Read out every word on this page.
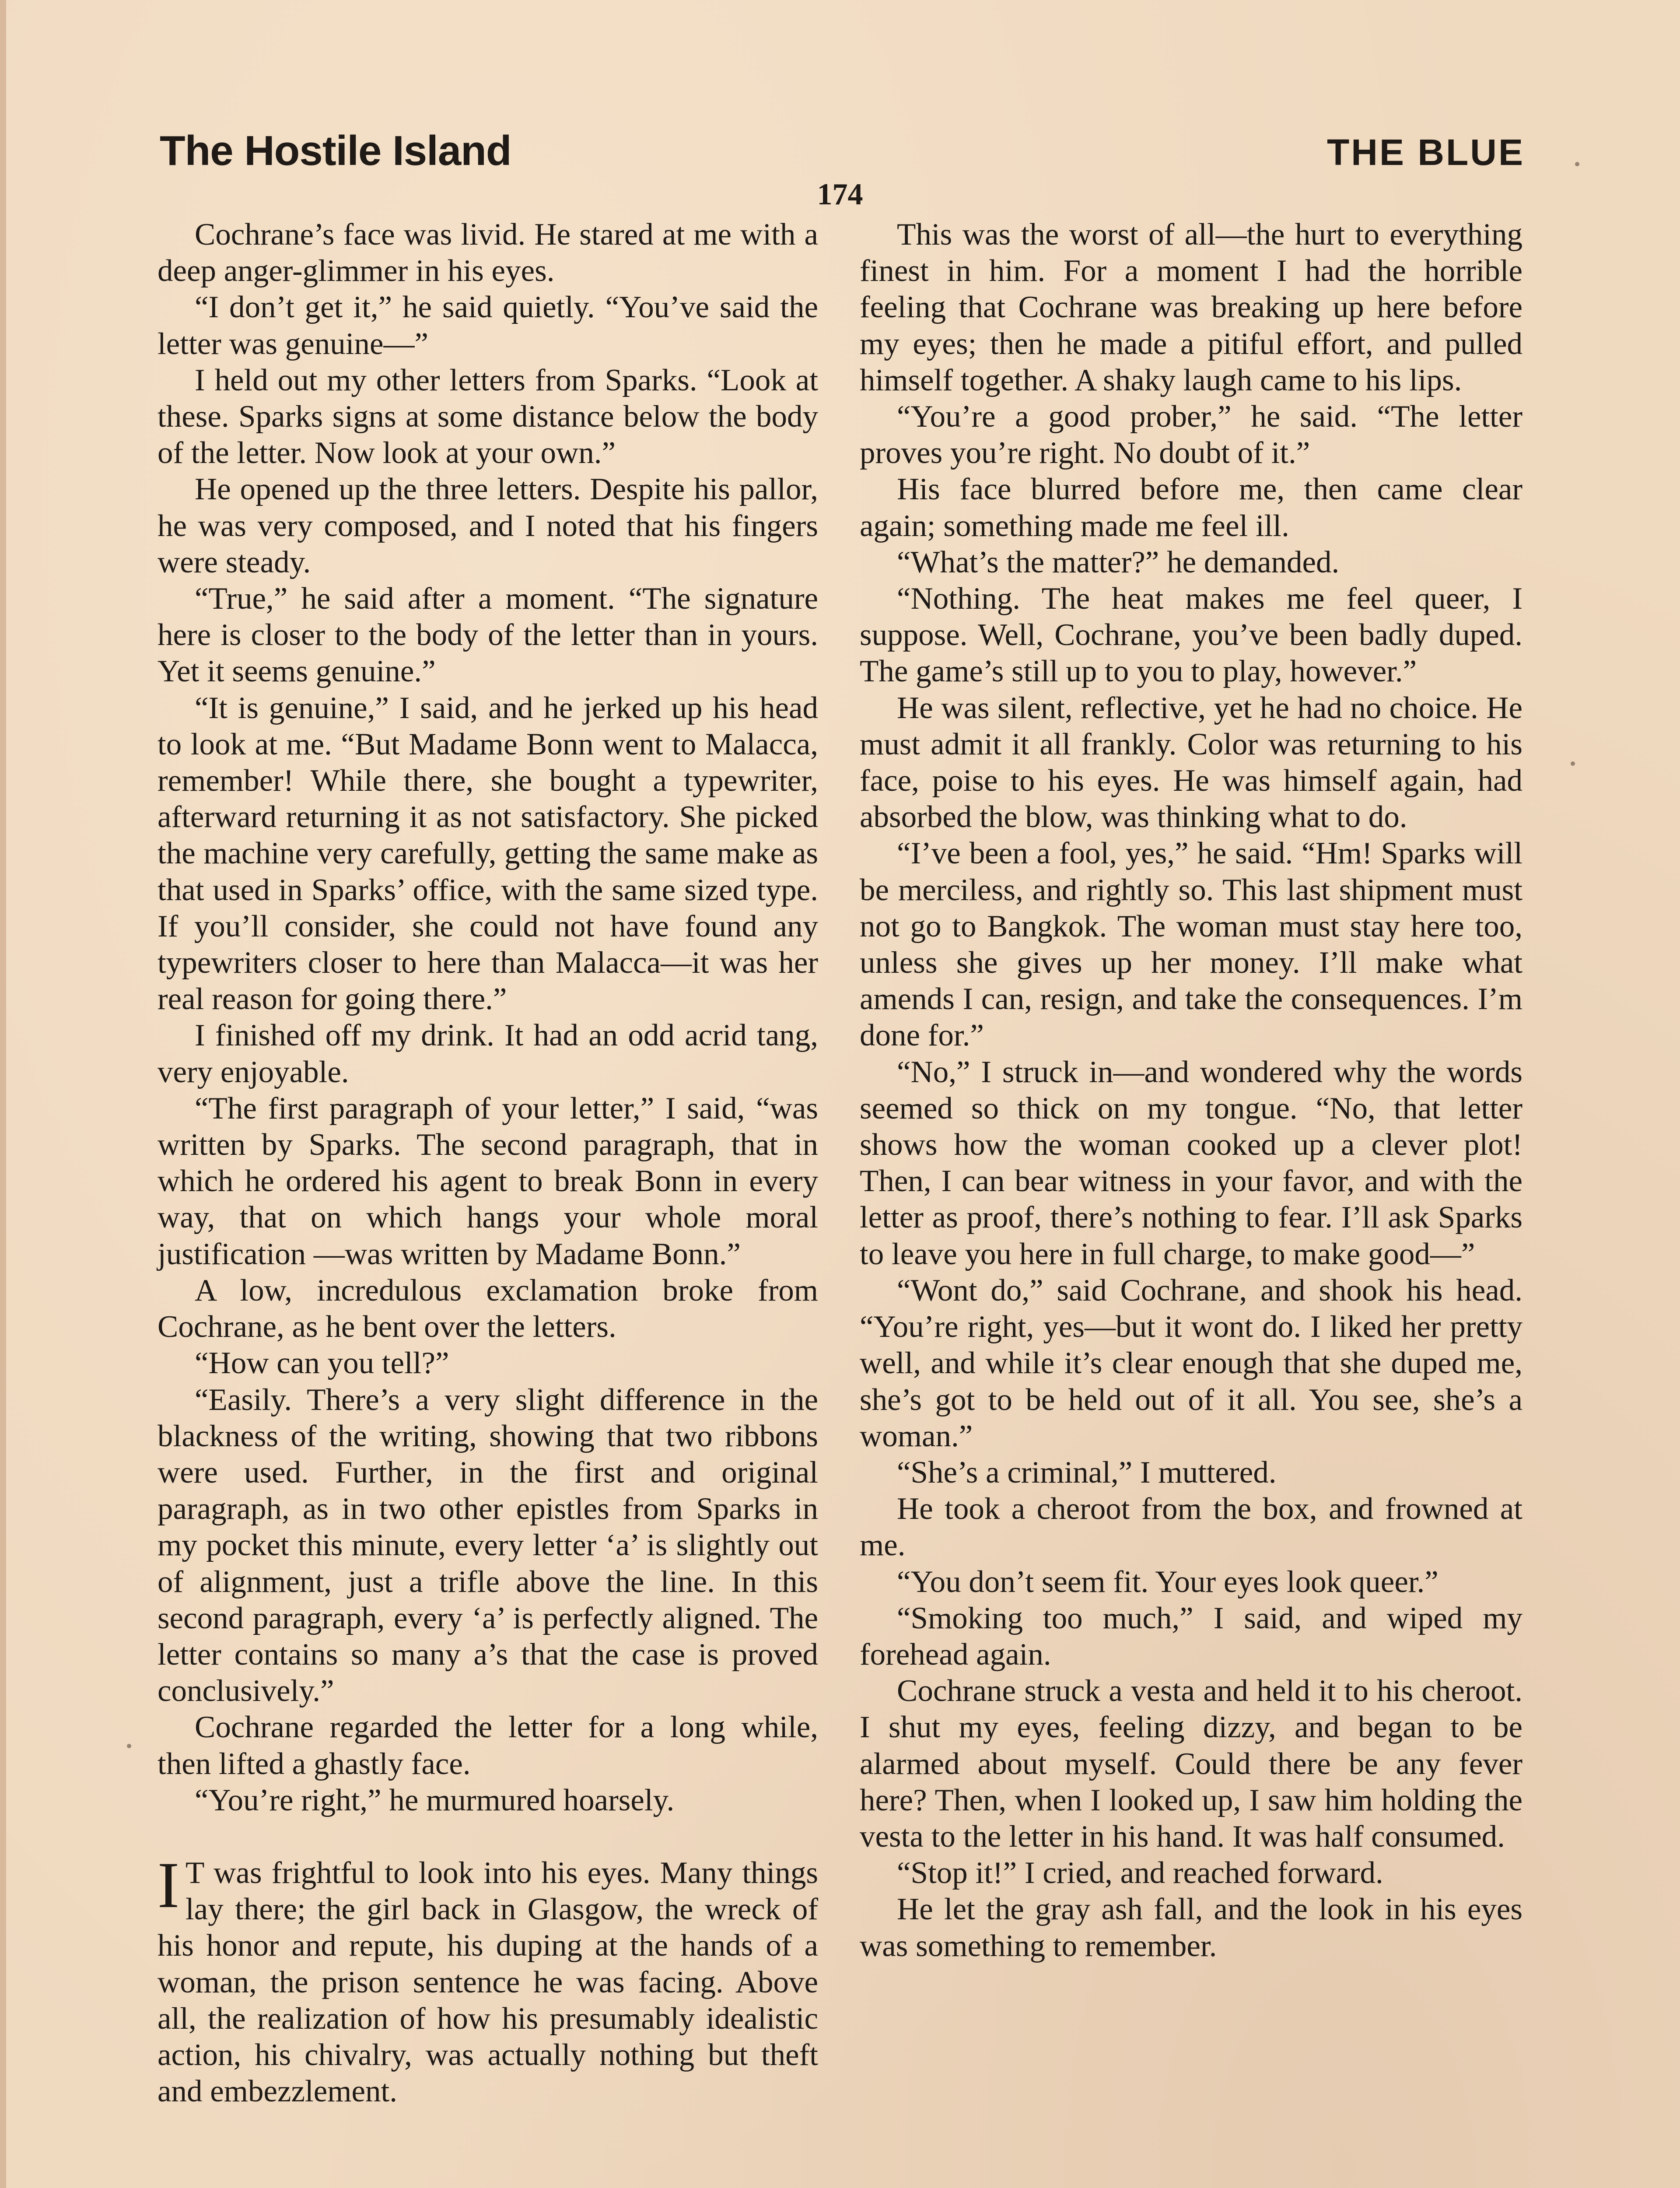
The Hostile Island	THE BLUE
174

Cochrane’s face was livid. He stared at me with a deep anger-glimmer in his eyes.

“I don’t get it,” he said quietly. “You’ve said the letter was genuine—”

I held out my other letters from Sparks. “Look at these. Sparks signs at some distance below the body of the letter. Now look at your own.”

He opened up the three letters. Despite his pallor, he was very composed, and I noted that his fingers were steady.

“True,” he said after a moment. “The signature here is closer to the body of the letter than in yours. Yet it seems genuine.”

“It is genuine,” I said, and he jerked up his head to look at me. “But Madame Bonn went to Malacca, remember! While there, she bought a typewriter, afterward returning it as not satisfactory. She picked the machine very carefully, getting the same make as that used in Sparks’ office, with the same sized type. If you’ll consider, she could not have found any typewriters closer to here than Malacca—it was her real reason for going there.”

I finished off my drink. It had an odd acrid tang, very enjoyable.

“The first paragraph of your letter,” I said, “was written by Sparks. The second paragraph, that in which he ordered his agent to break Bonn in every way, that on which hangs your whole moral justification —was written by Madame Bonn.”

A low, incredulous exclamation broke from Cochrane, as he bent over the letters.

“How can you tell?”

“Easily. There’s a very slight difference in the blackness of the writing, showing that two ribbons were used. Further, in the first and original paragraph, as in two other epistles from Sparks in my pocket this minute, every letter ‘a’ is slightly out of alignment, just a trifle above the line. In this second paragraph, every ‘a’ is perfectly aligned. The letter contains so many a’s that the case is proved conclusively.”

Cochrane regarded the letter for a long while, then lifted a ghastly face.

“You’re right,” he murmured hoarsely.

I T was frightful to look into his eyes. Many things lay there; the girl back in Glasgow, the wreck of his honor and repute, his duping at the hands of a woman, the prison sentence he was facing. Above all, the realization of how his presumably idealistic action, his chivalry, was actually nothing but theft and embezzlement.

This was the worst of all—the hurt to everything finest in him. For a moment I had the horrible feeling that Cochrane was breaking up here before my eyes; then he made a pitiful effort, and pulled himself together. A shaky laugh came to his lips.

“You’re a good prober,” he said. “The letter proves you’re right. No doubt of it.”

His face blurred before me, then came clear again; something made me feel ill.

“What’s the matter?” he demanded.

“Nothing. The heat makes me feel queer, I suppose. Well, Cochrane, you’ve been badly duped. The game’s still up to you to play, however.”

He was silent, reflective, yet he had no choice. He must admit it all frankly. Color was returning to his face, poise to his eyes. He was himself again, had absorbed the blow, was thinking what to do.

“I’ve been a fool, yes,” he said. “Hm! Sparks will be merciless, and rightly so. This last shipment must not go to Bangkok. The woman must stay here too, unless she gives up her money. I’ll make what amends I can, resign, and take the consequences. I’m done for.”

“No,” I struck in—and wondered why the words seemed so thick on my tongue. “No, that letter shows how the woman cooked up a clever plot! Then, I can bear witness in your favor, and with the letter as proof, there’s nothing to fear. I’ll ask Sparks to leave you here in full charge, to make good—”

“Wont do,” said Cochrane, and shook his head. “You’re right, yes—but it wont do. I liked her pretty well, and while it’s clear enough that she duped me, she’s got to be held out of it all. You see, she’s a woman.”

“She’s a criminal,” I muttered.

He took a cheroot from the box, and frowned at me.

“You don’t seem fit. Your eyes look queer.”

“Smoking too much,” I said, and wiped my forehead again.

Cochrane struck a vesta and held it to his cheroot. I shut my eyes, feeling dizzy, and began to be alarmed about myself. Could there be any fever here? Then, when I looked up, I saw him holding the vesta to the letter in his hand. It was half consumed.

“Stop it!” I cried, and reached forward.

He let the gray ash fall, and the look in his eyes was something to remember.
